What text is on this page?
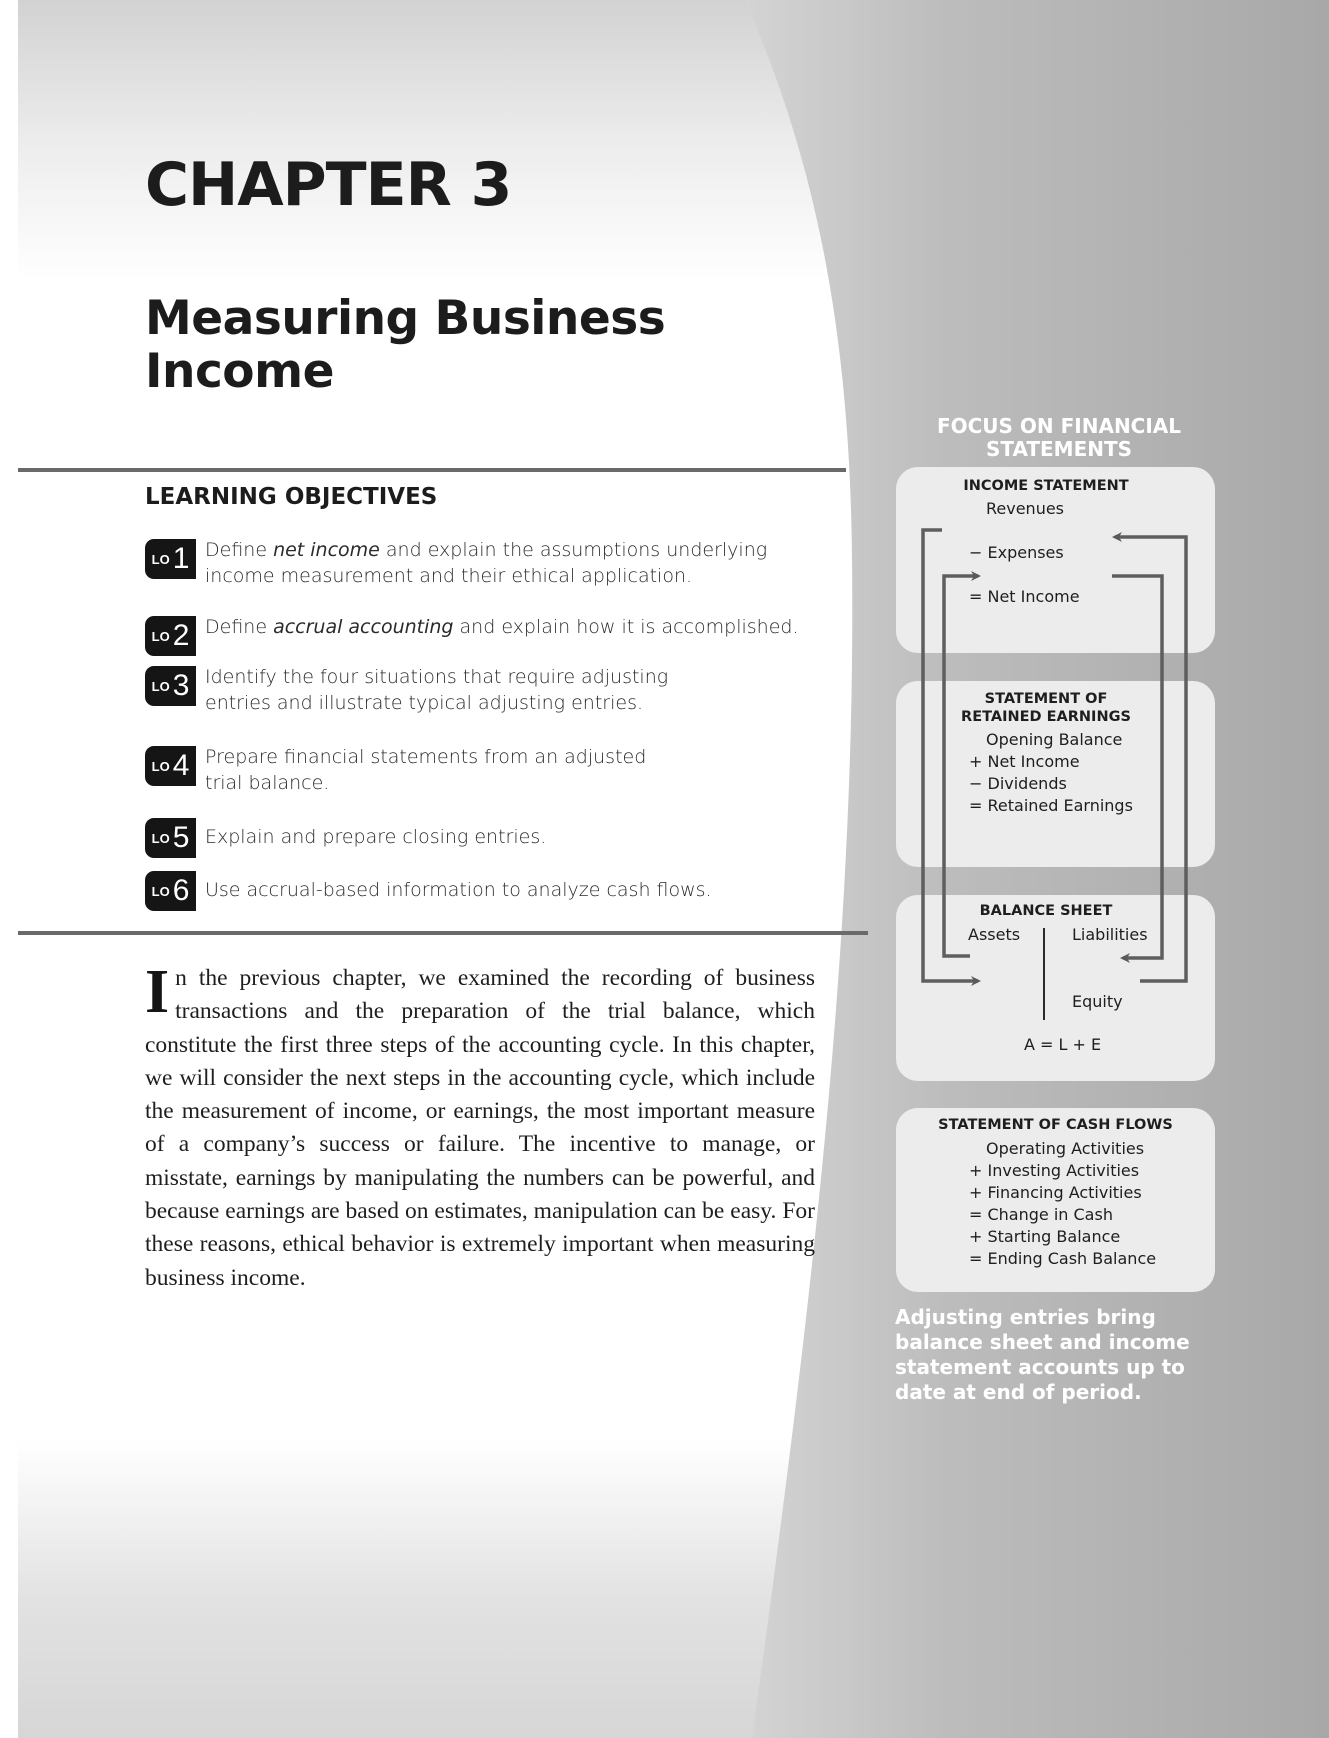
CHAPTER 3
Measuring Business
Income
LEARNING OBJECTIVES
LO 1 Define net income and explain the assumptions underlying
income measurement and their ethical application.
LO 2 Define accrual accounting and explain how it is accomplished.
LO 3 Identify the four situations that require adjusting
entries and illustrate typical adjusting entries.
LO 4 Prepare financial statements from an adjusted
trial balance.
LO 5 Explain and prepare closing entries.
LO 6 Use accrual-based information to analyze cash flows.

In the previous chapter, we examined the recording of business transactions and the preparation of the trial balance, which constitute the first three steps of the accounting cycle. In this chapter, we will consider the next steps in the accounting cycle, which include the measurement of income, or earnings, the most important measure of a company’s success or failure. The incentive to manage, or misstate, earnings by manipulating the numbers can be powerful, and because earnings are based on estimates, manipulation can be easy. For these reasons, ethical behavior is extremely important when measuring business income.

FOCUS ON FINANCIAL
STATEMENTS
INCOME STATEMENT
Revenues
− Expenses
= Net Income
STATEMENT OF
RETAINED EARNINGS
Opening Balance
+ Net Income
− Dividends
= Retained Earnings
BALANCE SHEET
Assets	Liabilities
Equity
A = L + E
STATEMENT OF CASH FLOWS
Operating Activities
+ Investing Activities
+ Financing Activities
= Change in Cash
+ Starting Balance
= Ending Cash Balance

Adjusting entries bring balance sheet and income statement accounts up to date at end of period.
